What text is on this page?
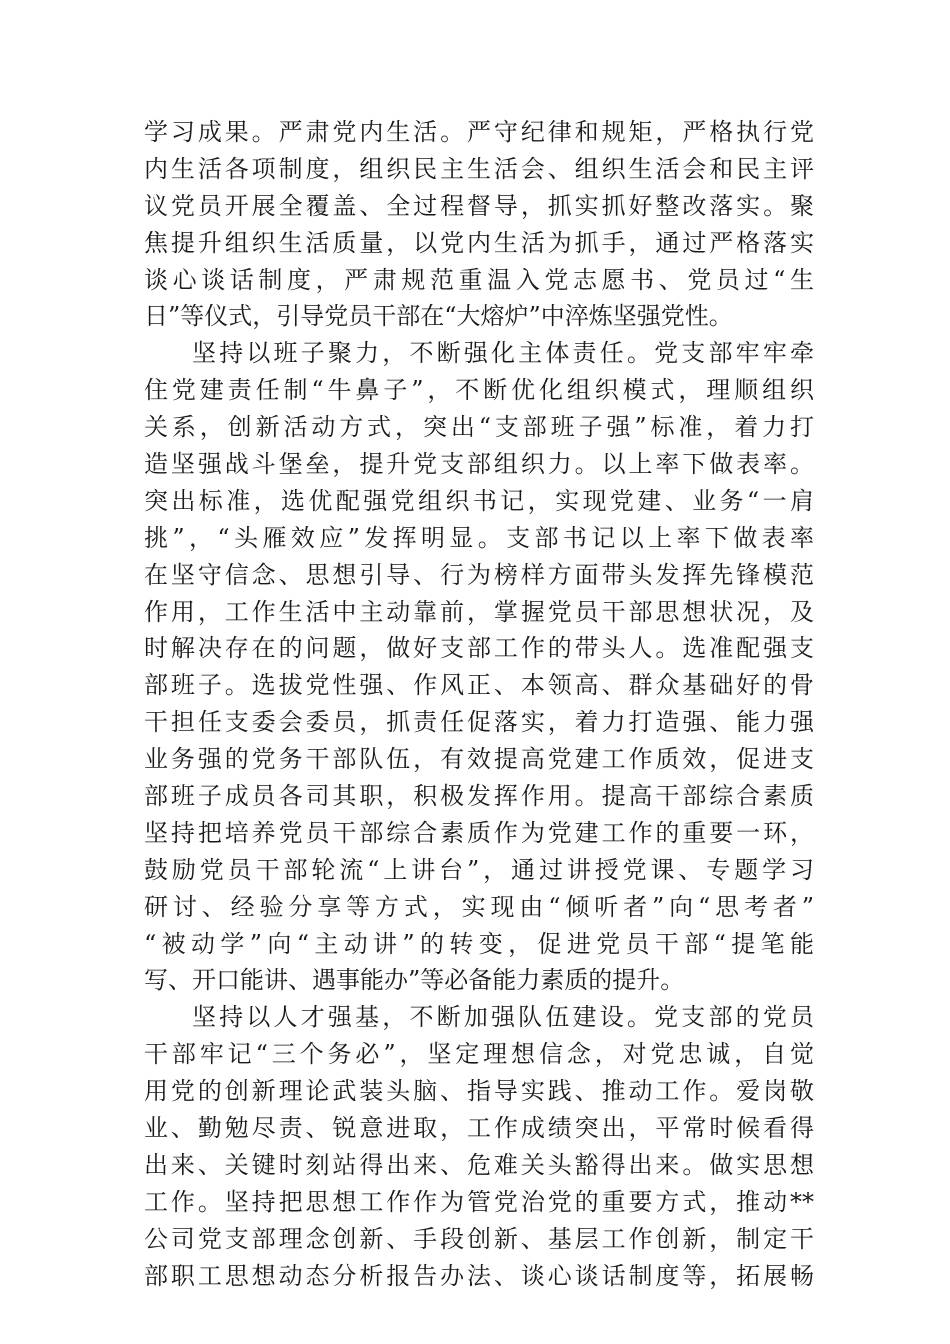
学习成果。严肃党内生活。严守纪律和规矩，严格执行党
内生活各项制度，组织民主生活会、组织生活会和民主评
议党员开展全覆盖、全过程督导，抓实抓好整改落实。聚
焦提升组织生活质量，以党内生活为抓手，通过严格落实
谈心谈话制度，严肃规范重温入党志愿书、党员过“生
日”等仪式，引导党员干部在“大熔炉”中淬炼坚强党性。
坚持以班子聚力，不断强化主体责任。党支部牢牢牵
住党建责任制“牛鼻子”，不断优化组织模式，理顺组织
关系，创新活动方式，突出“支部班子强”标准，着力打
造坚强战斗堡垒，提升党支部组织力。以上率下做表率。
突出标准，选优配强党组织书记，实现党建、业务“一肩
挑”，“头雁效应”发挥明显。支部书记以上率下做表率
在坚守信念、思想引导、行为榜样方面带头发挥先锋模范
作用，工作生活中主动靠前，掌握党员干部思想状况，及
时解决存在的问题，做好支部工作的带头人。选准配强支
部班子。选拔党性强、作风正、本领高、群众基础好的骨
干担任支委会委员，抓责任促落实，着力打造强、能力强
业务强的党务干部队伍，有效提高党建工作质效，促进支
部班子成员各司其职，积极发挥作用。提高干部综合素质
坚持把培养党员干部综合素质作为党建工作的重要一环，
鼓励党员干部轮流“上讲台”，通过讲授党课、专题学习
研讨、经验分享等方式，实现由“倾听者”向“思考者”
“被动学”向“主动讲”的转变，促进党员干部“提笔能
写、开口能讲、遇事能办”等必备能力素质的提升。
坚持以人才强基，不断加强队伍建设。党支部的党员
干部牢记“三个务必”，坚定理想信念，对党忠诚，自觉
用党的创新理论武装头脑、指导实践、推动工作。爱岗敬
业、勤勉尽责、锐意进取，工作成绩突出，平常时候看得
出来、关键时刻站得出来、危难关头豁得出来。做实思想
工作。坚持把思想工作作为管党治党的重要方式，推动**
公司党支部理念创新、手段创新、基层工作创新，制定干
部职工思想动态分析报告办法、谈心谈话制度等，拓展畅
